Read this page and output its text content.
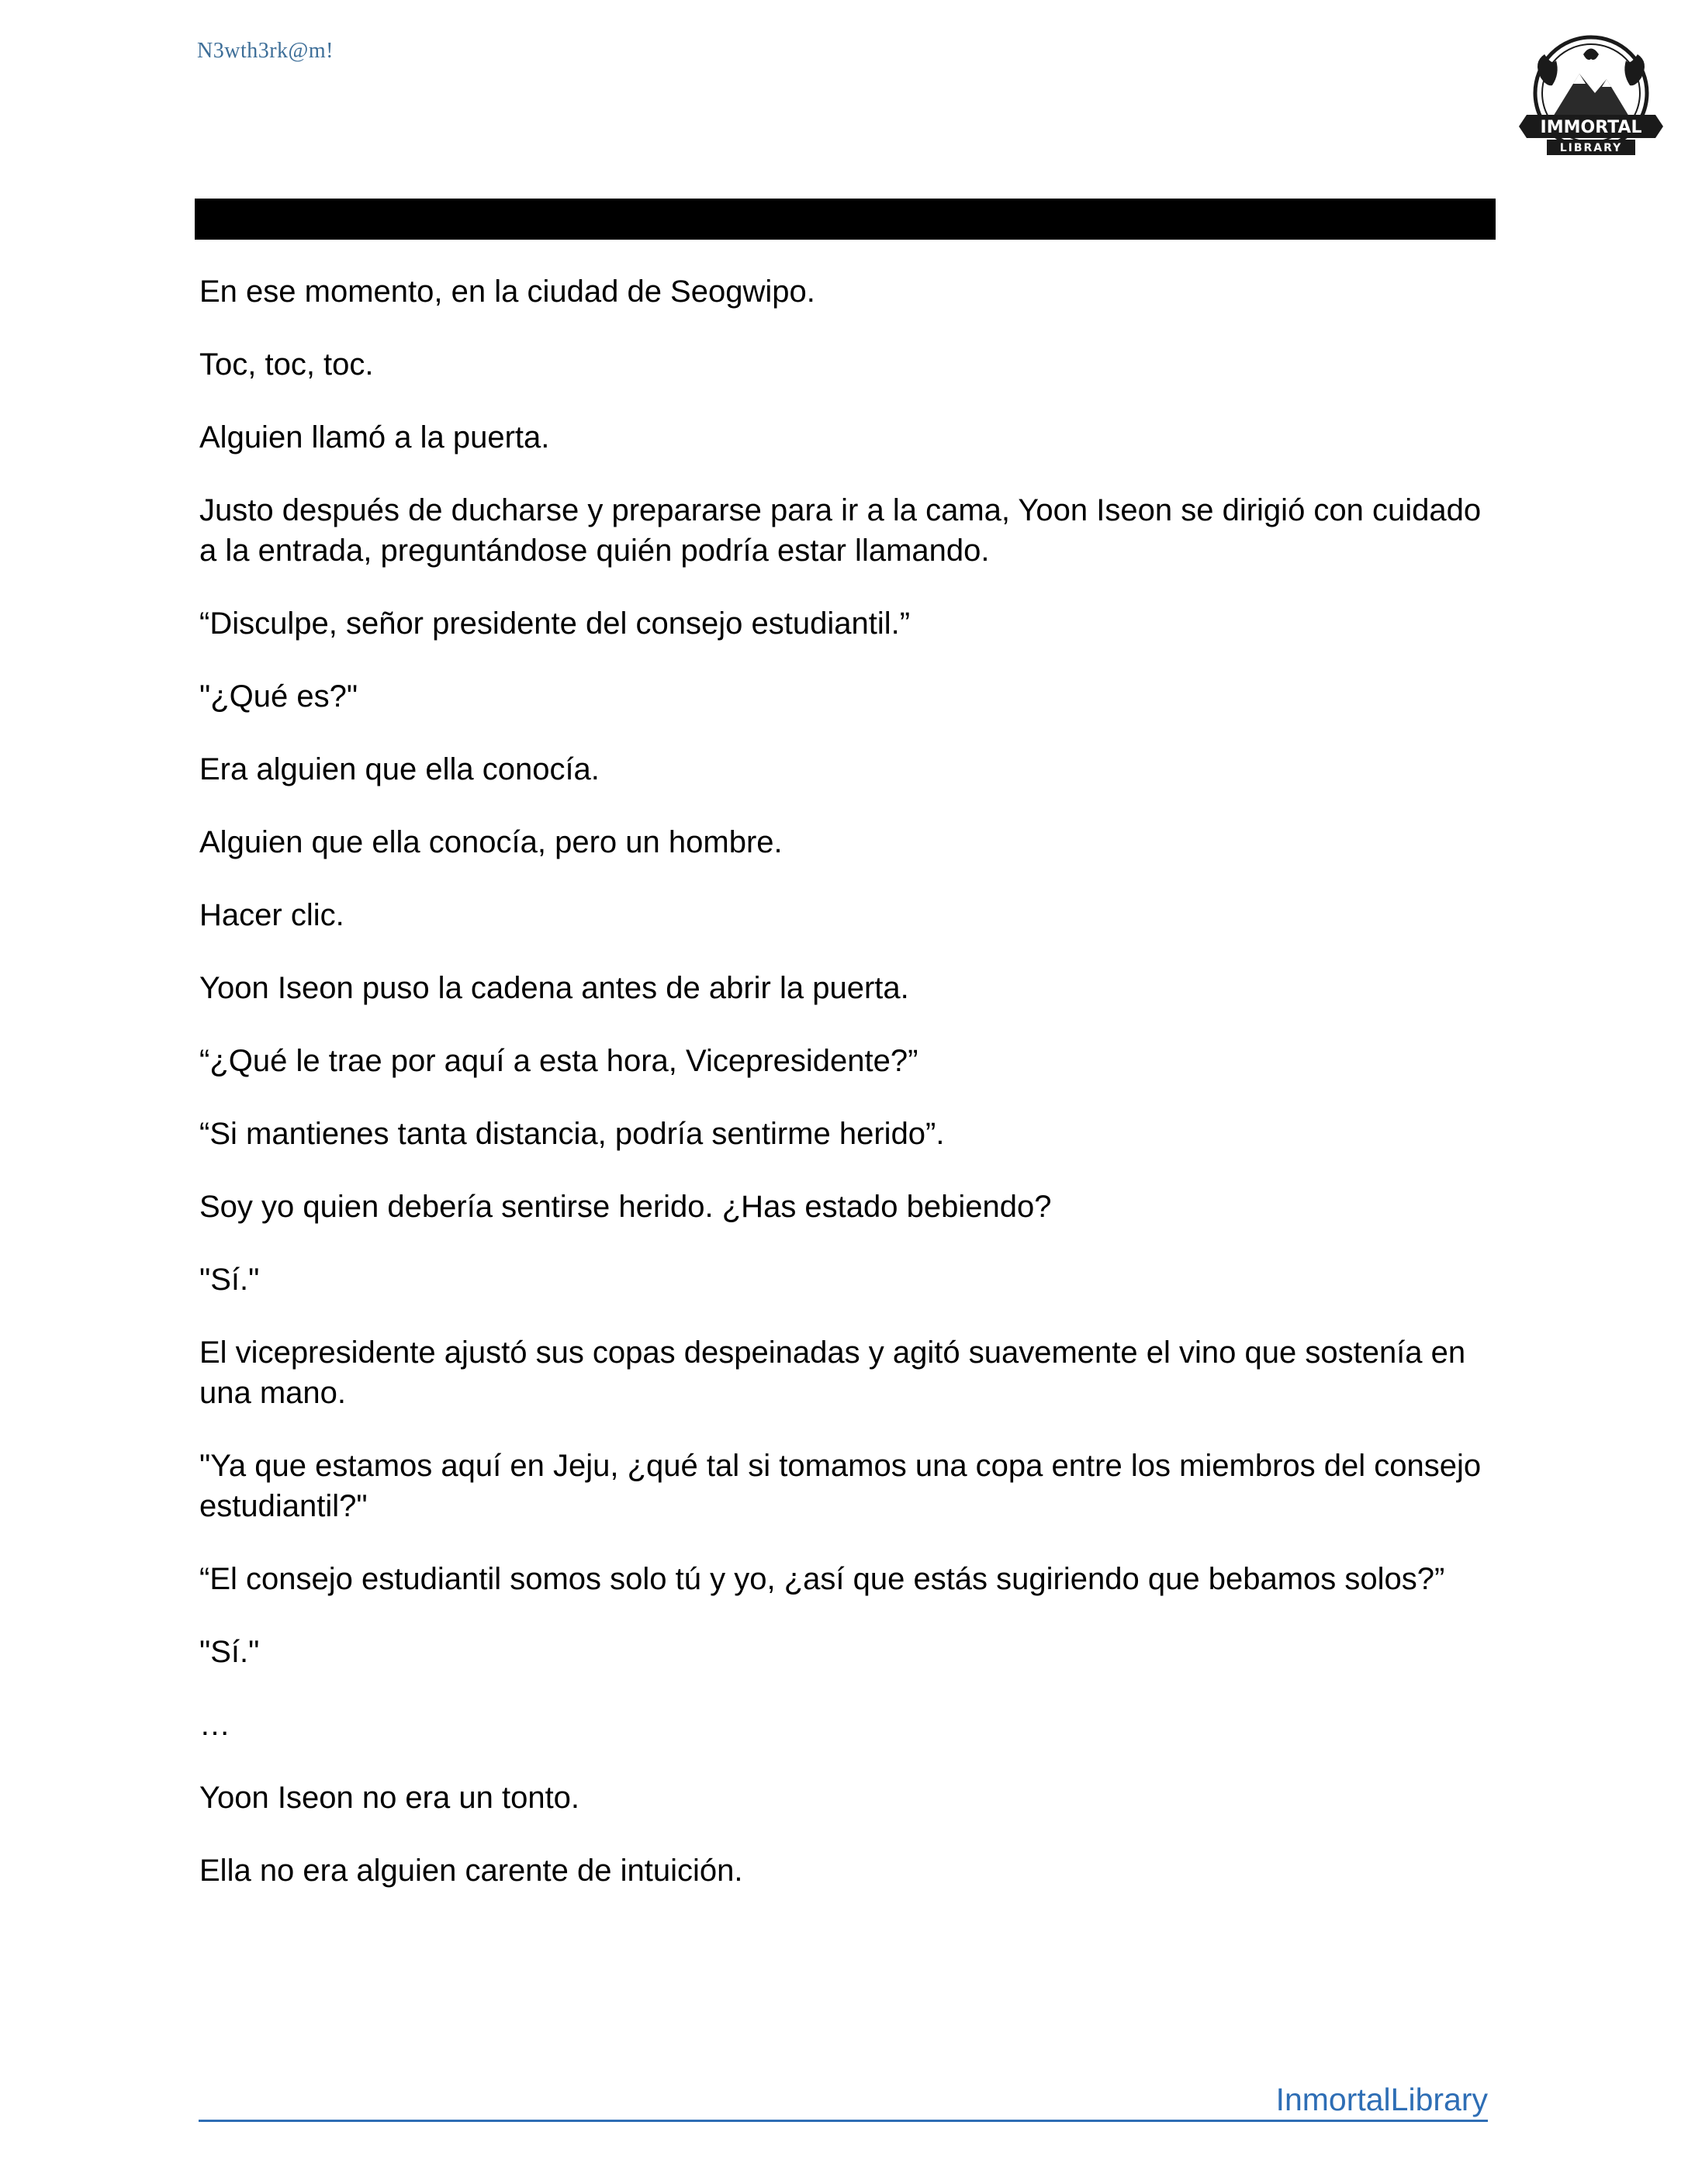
N3wth3rk@m!
IMMORTAL
LIBRARY

En ese momento, en la ciudad de Seogwipo.

Toc, toc, toc.

Alguien llamó a la puerta.

Justo después de ducharse y prepararse para ir a la cama, Yoon Iseon se dirigió con cuidado a la entrada, preguntándose quién podría estar llamando.

“Disculpe, señor presidente del consejo estudiantil.”

"¿Qué es?"

Era alguien que ella conocía.

Alguien que ella conocía, pero un hombre.

Hacer clic.

Yoon Iseon puso la cadena antes de abrir la puerta.

“¿Qué le trae por aquí a esta hora, Vicepresidente?”

“Si mantienes tanta distancia, podría sentirme herido”.

Soy yo quien debería sentirse herido. ¿Has estado bebiendo?

"Sí."

El vicepresidente ajustó sus copas despeinadas y agitó suavemente el vino que sostenía en una mano.

"Ya que estamos aquí en Jeju, ¿qué tal si tomamos una copa entre los miembros del consejo estudiantil?"

“El consejo estudiantil somos solo tú y yo, ¿así que estás sugiriendo que bebamos solos?”

"Sí."

…

Yoon Iseon no era un tonto.

Ella no era alguien carente de intuición.

InmortalLibrary
